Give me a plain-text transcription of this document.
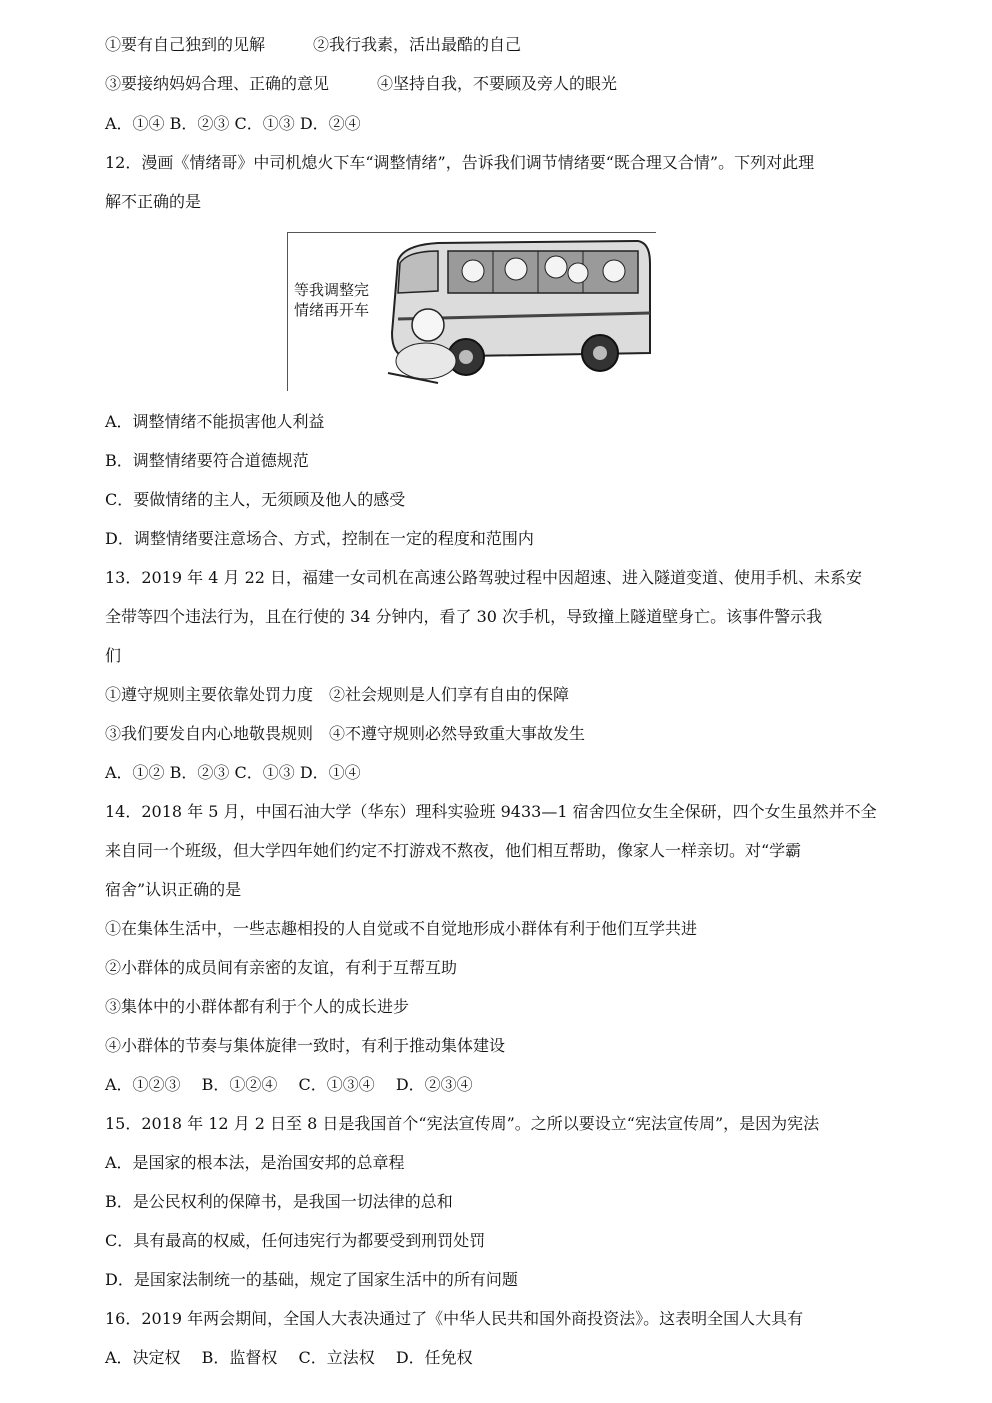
①要有自己独到的见解　　　②我行我素，活出最酷的自己
③要接纳妈妈合理、正确的意见　　　④坚持自我，不要顾及旁人的眼光
A．①④ B．②③ C．①③ D．②④
12．漫画《情绪哥》中司机熄火下车“调整情绪”，告诉我们调节情绪要“既合理又合情”。下列对此理
解不正确的是
等我调整完
情绪再开车
A．调整情绪不能损害他人利益
B．调整情绪要符合道德规范
C．要做情绪的主人，无须顾及他人的感受
D．调整情绪要注意场合、方式，控制在一定的程度和范围内
13．2019 年 4 月 22 日，福建一女司机在高速公路驾驶过程中因超速、进入隧道变道、使用手机、未系安
全带等四个违法行为，且在行使的 34 分钟内，看了 30 次手机，导致撞上隧道壁身亡。该事件警示我
们
①遵守规则主要依靠处罚力度　②社会规则是人们享有自由的保障
③我们要发自内心地敬畏规则　④不遵守规则必然导致重大事故发生
A．①② B．②③ C．①③ D．①④
14．2018 年 5 月，中国石油大学（华东）理科实验班 9433—1 宿舍四位女生全保研，四个女生虽然并不全
来自同一个班级，但大学四年她们约定不打游戏不熬夜，他们相互帮助，像家人一样亲切。对“学霸
宿舍”认识正确的是
①在集体生活中，一些志趣相投的人自觉或不自觉地形成小群体有利于他们互学共进
②小群体的成员间有亲密的友谊，有利于互帮互助
③集体中的小群体都有利于个人的成长进步
④小群体的节奏与集体旋律一致时，有利于推动集体建设
A．①②③　 B．①②④　 C．①③④　 D．②③④
15．2018 年 12 月 2 日至 8 日是我国首个“宪法宣传周”。之所以要设立“宪法宣传周”，是因为宪法
A．是国家的根本法，是治国安邦的总章程
B．是公民权利的保障书，是我国一切法律的总和
C．具有最高的权威，任何违宪行为都要受到刑罚处罚
D．是国家法制统一的基础，规定了国家生活中的所有问题
16．2019 年两会期间，全国人大表决通过了《中华人民共和国外商投资法》。这表明全国人大具有
A．决定权　 B．监督权　 C．立法权　 D．任免权
